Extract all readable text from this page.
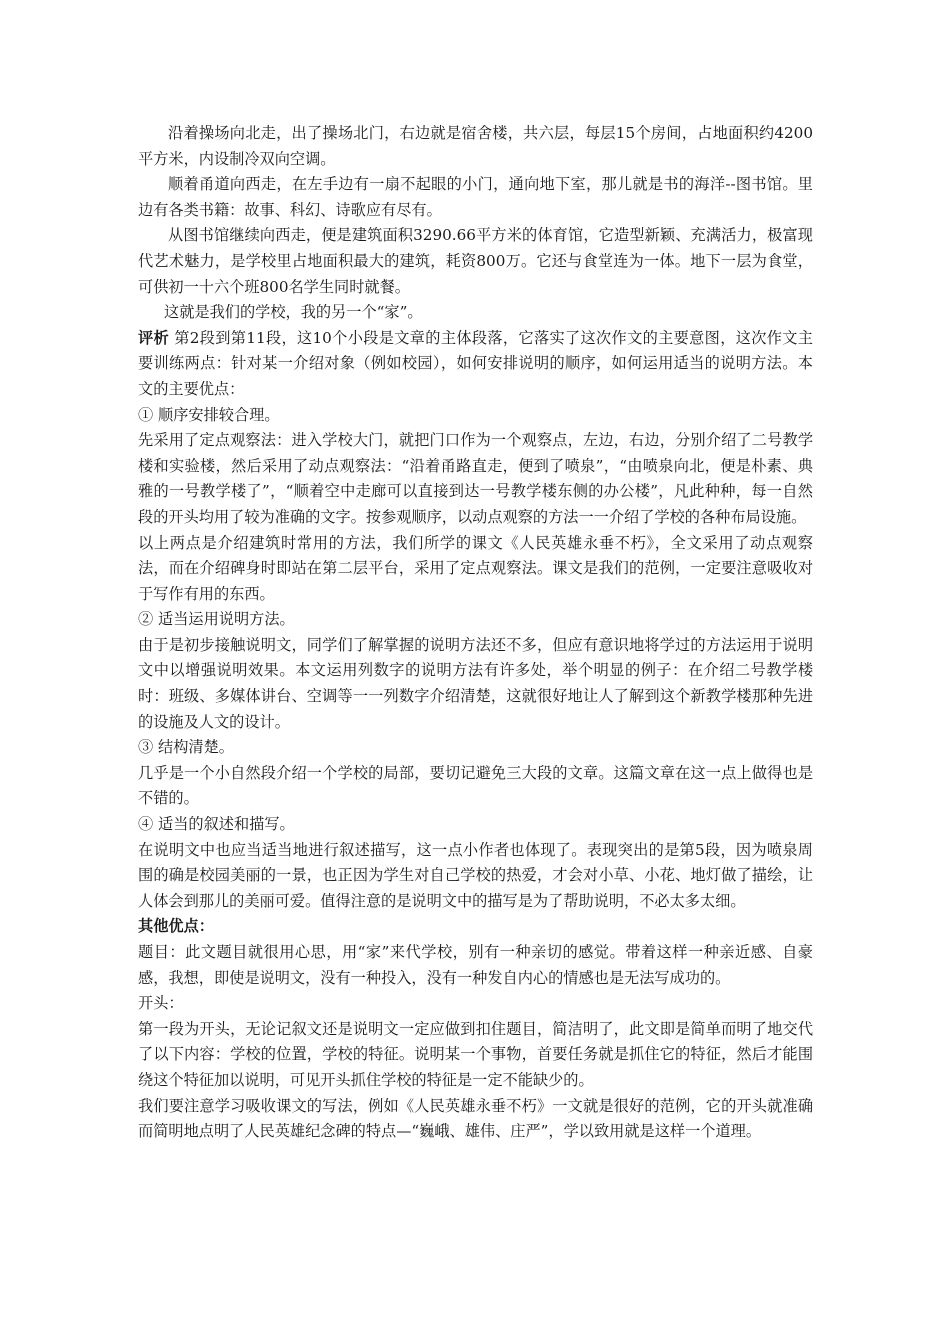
沿着操场向北走，出了操场北门，右边就是宿舍楼，共六层，每层15个房间，占地面积约4200平方米，内设制冷双向空调。

顺着甬道向西走，在左手边有一扇不起眼的小门，通向地下室，那儿就是书的海洋--图书馆。里边有各类书籍：故事、科幻、诗歌应有尽有。

从图书馆继续向西走，便是建筑面积3290.66平方米的体育馆，它造型新颖、充满活力，极富现代艺术魅力，是学校里占地面积最大的建筑，耗资800万。它还与食堂连为一体。地下一层为食堂，可供初一十六个班800名学生同时就餐。

这就是我们的学校，我的另一个“家”。

评析 第2段到第11段，这10个小段是文章的主体段落，它落实了这次作文的主要意图，这次作文主要训练两点：针对某一介绍对象（例如校园），如何安排说明的顺序，如何运用适当的说明方法。本文的主要优点：

① 顺序安排较合理。

先采用了定点观察法：进入学校大门，就把门口作为一个观察点，左边，右边，分别介绍了二号教学楼和实验楼，然后采用了动点观察法：“沿着甬路直走，便到了喷泉”，“由喷泉向北，便是朴素、典雅的一号教学楼了”，“顺着空中走廊可以直接到达一号教学楼东侧的办公楼”，凡此种种，每一自然段的开头均用了较为准确的文字。按参观顺序，以动点观察的方法一一介绍了学校的各种布局设施。

以上两点是介绍建筑时常用的方法，我们所学的课文《人民英雄永垂不朽》，全文采用了动点观察法，而在介绍碑身时即站在第二层平台，采用了定点观察法。课文是我们的范例，一定要注意吸收对于写作有用的东西。

② 适当运用说明方法。

由于是初步接触说明文，同学们了解掌握的说明方法还不多，但应有意识地将学过的方法运用于说明文中以增强说明效果。本文运用列数字的说明方法有许多处，举个明显的例子：在介绍二号教学楼时：班级、多媒体讲台、空调等一一列数字介绍清楚，这就很好地让人了解到这个新教学楼那种先进的设施及人文的设计。

③ 结构清楚。

几乎是一个小自然段介绍一个学校的局部，要切记避免三大段的文章。这篇文章在这一点上做得也是不错的。

④ 适当的叙述和描写。

在说明文中也应当适当地进行叙述描写，这一点小作者也体现了。表现突出的是第5段，因为喷泉周围的确是校园美丽的一景，也正因为学生对自己学校的热爱，才会对小草、小花、地灯做了描绘，让人体会到那儿的美丽可爱。值得注意的是说明文中的描写是为了帮助说明，不必太多太细。

其他优点：

题目：此文题目就很用心思，用“家”来代学校，别有一种亲切的感觉。带着这样一种亲近感、自豪感，我想，即使是说明文，没有一种投入，没有一种发自内心的情感也是无法写成功的。

开头：

第一段为开头，无论记叙文还是说明文一定应做到扣住题目，简洁明了，此文即是简单而明了地交代了以下内容：学校的位置，学校的特征。说明某一个事物，首要任务就是抓住它的特征，然后才能围绕这个特征加以说明，可见开头抓住学校的特征是一定不能缺少的。

我们要注意学习吸收课文的写法，例如《人民英雄永垂不朽》一文就是很好的范例，它的开头就准确而简明地点明了人民英雄纪念碑的特点—“巍峨、雄伟、庄严”，学以致用就是这样一个道理。
